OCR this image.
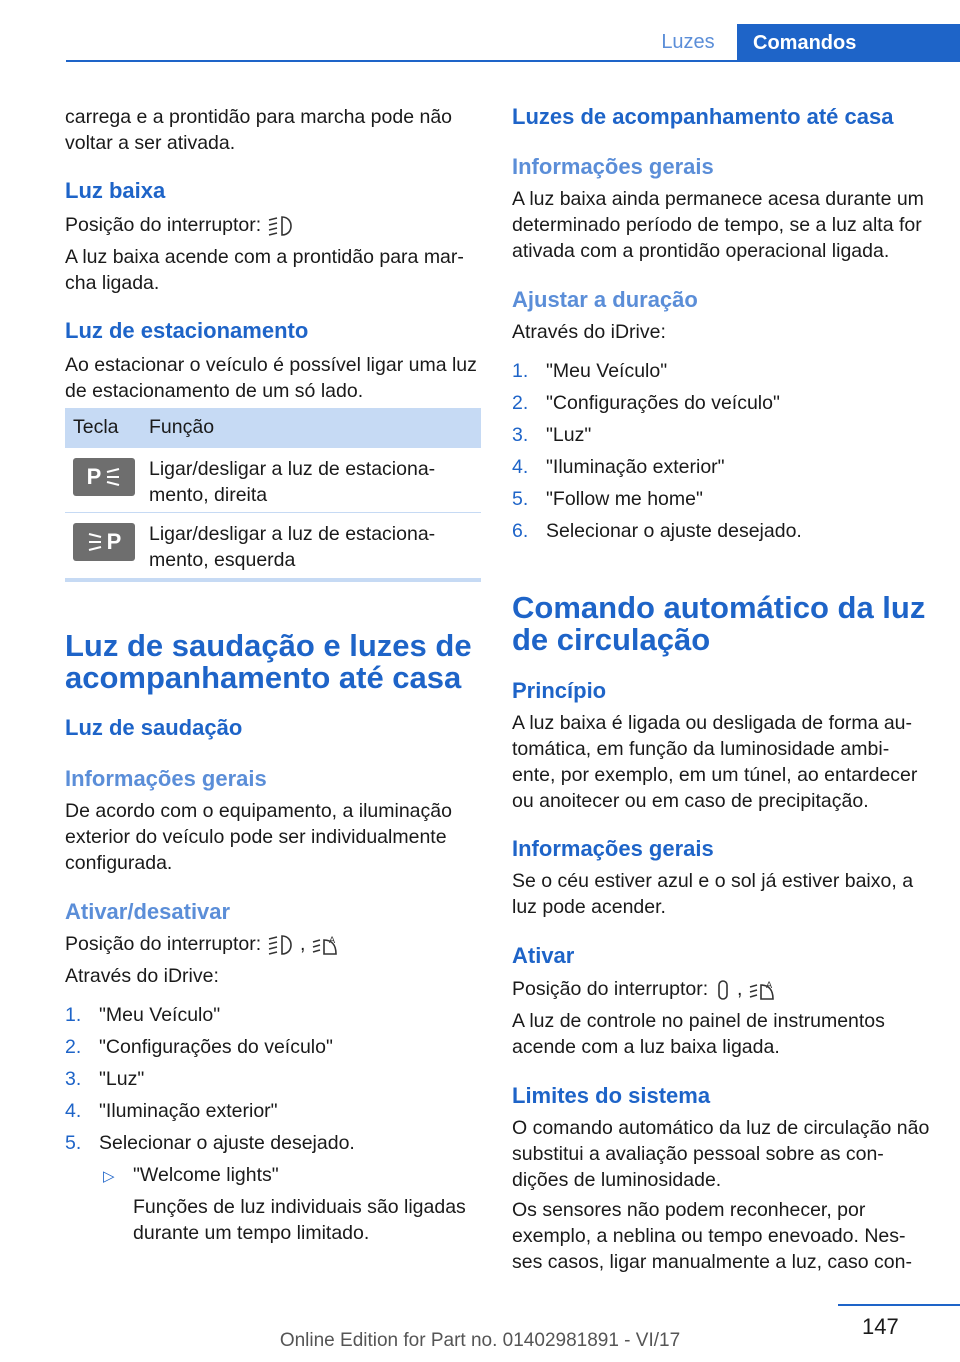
Luzes	Comandos

carrega e a prontidão para marcha pode não voltar a ser ativada.

Luz baixa

Posição do interruptor:

A luz baixa acende com a prontidão para mar-cha ligada.

Luz de estacionamento

Ao estacionar o veículo é possível ligar uma luz de estacionamento de um só lado.

Tecla Função
P Ligar/desligar a luz de estaciona-mento, direita

P Ligar/desligar a luz de estaciona-mento, esquerda

Luz de saudação e luzes de acompanhamento até casa
Luz de saudação
Informações gerais

De acordo com o equipamento, a iluminação exterior do veículo pode ser individualmente configurada.

Ativar/desativar

Posição do interruptor: ,	A

Através do iDrive:

1. "Meu Veículo"
2. "Configurações do veículo"
3. "Luz"
4. "Iluminação exterior"
5. Selecionar o ajuste desejado.
▷ "Welcome lights"

Funções de luz individuais são ligadas durante um tempo limitado.

Luzes de acompanhamento até casa
Informações gerais

A luz baixa ainda permanece acesa durante um determinado período de tempo, se a luz alta for ativada com a prontidão operacional ligada.

Ajustar a duração

Através do iDrive:

1. "Meu Veículo"
2. "Configurações do veículo"
3. "Luz"
4. "Iluminação exterior"
5. "Follow me home"
6. Selecionar o ajuste desejado.
Comando automático da luz de circulação
Princípio

A luz baixa é ligada ou desligada de forma au-tomática, em função da luminosidade ambi-ente, por exemplo, em um túnel, ao entardecer ou anoitecer ou em caso de precipitação.

Informações gerais

Se o céu estiver azul e o sol já estiver baixo, a luz pode acender.

Ativar

Posição do interruptor: ,	A

A luz de controle no painel de instrumentos acende com a luz baixa ligada.

Limites do sistema

O comando automático da luz de circulação não substitui a avaliação pessoal sobre as con-dições de luminosidade.

Os sensores não podem reconhecer, por exemplo, a neblina ou tempo enevoado. Nes-ses casos, ligar manualmente a luz, caso con-

147
Online Edition for Part no. 01402981891 - VI/17
